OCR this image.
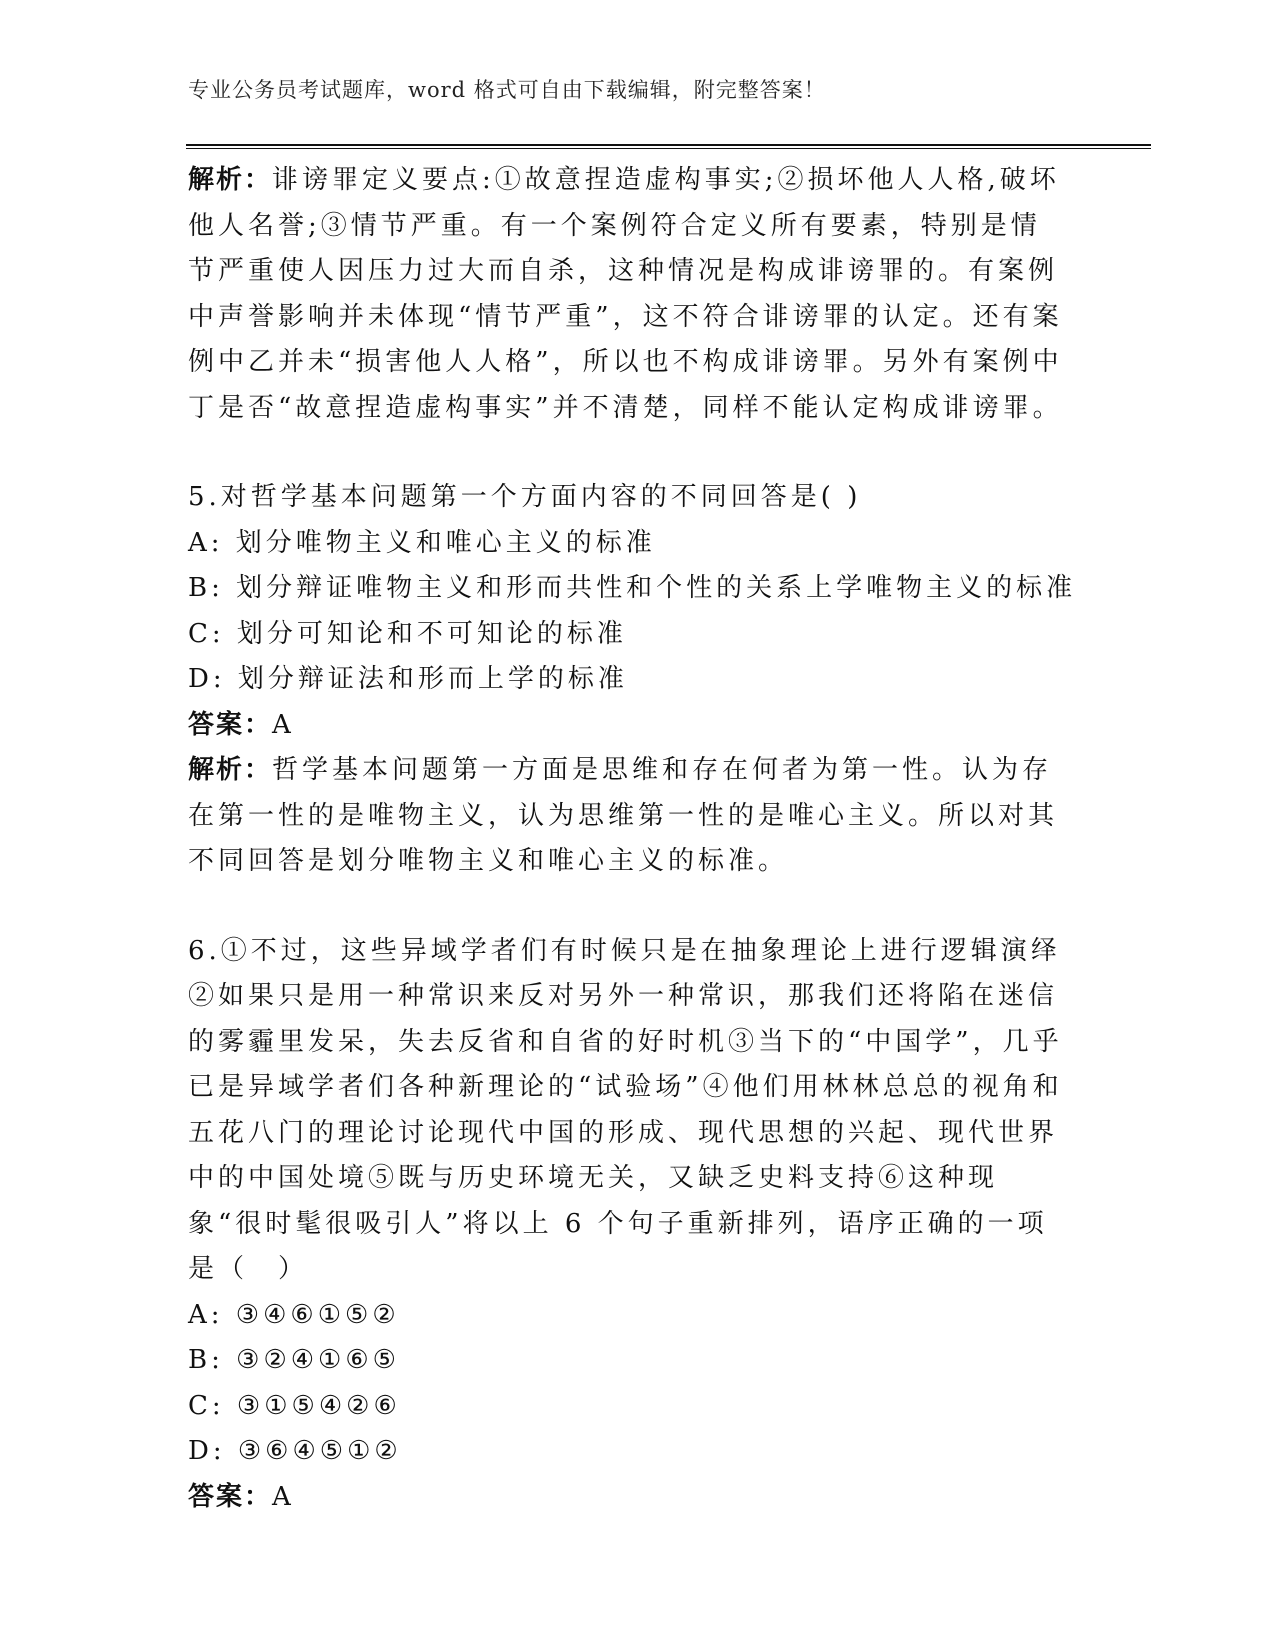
专业公务员考试题库，word 格式可自由下载编辑，附完整答案！

解析：诽谤罪定义要点:①故意捏造虚构事实;②损坏他人人格,破坏他人名誉;③情节严重。有一个案例符合定义所有要素，特别是情节严重使人因压力过大而自杀，这种情况是构成诽谤罪的。有案例中声誉影响并未体现“情节严重”，这不符合诽谤罪的认定。还有案例中乙并未“损害他人人格”，所以也不构成诽谤罪。另外有案例中丁是否“故意捏造虚构事实”并不清楚，同样不能认定构成诽谤罪。

5.对哲学基本问题第一个方面内容的不同回答是( )
A: 划分唯物主义和唯心主义的标准
B: 划分辩证唯物主义和形而共性和个性的关系上学唯物主义的标准
C: 划分可知论和不可知论的标准
D: 划分辩证法和形而上学的标准
答案：A

解析：哲学基本问题第一方面是思维和存在何者为第一性。认为存在第一性的是唯物主义，认为思维第一性的是唯心主义。所以对其不同回答是划分唯物主义和唯心主义的标准。

6.①不过，这些异域学者们有时候只是在抽象理论上进行逻辑演绎②如果只是用一种常识来反对另外一种常识，那我们还将陷在迷信的雾霾里发呆，失去反省和自省的好时机③当下的“中国学”，几乎已是异域学者们各种新理论的“试验场”④他们用林林总总的视角和五花八门的理论讨论现代中国的形成、现代思想的兴起、现代世界中的中国处境⑤既与历史环境无关，又缺乏史料支持⑥这种现象“很时髦很吸引人”将以上 6 个句子重新排列，语序正确的一项是（　）

A: ③④⑥①⑤②
B: ③②④①⑥⑤
C: ③①⑤④②⑥
D: ③⑥④⑤①②
答案：A
